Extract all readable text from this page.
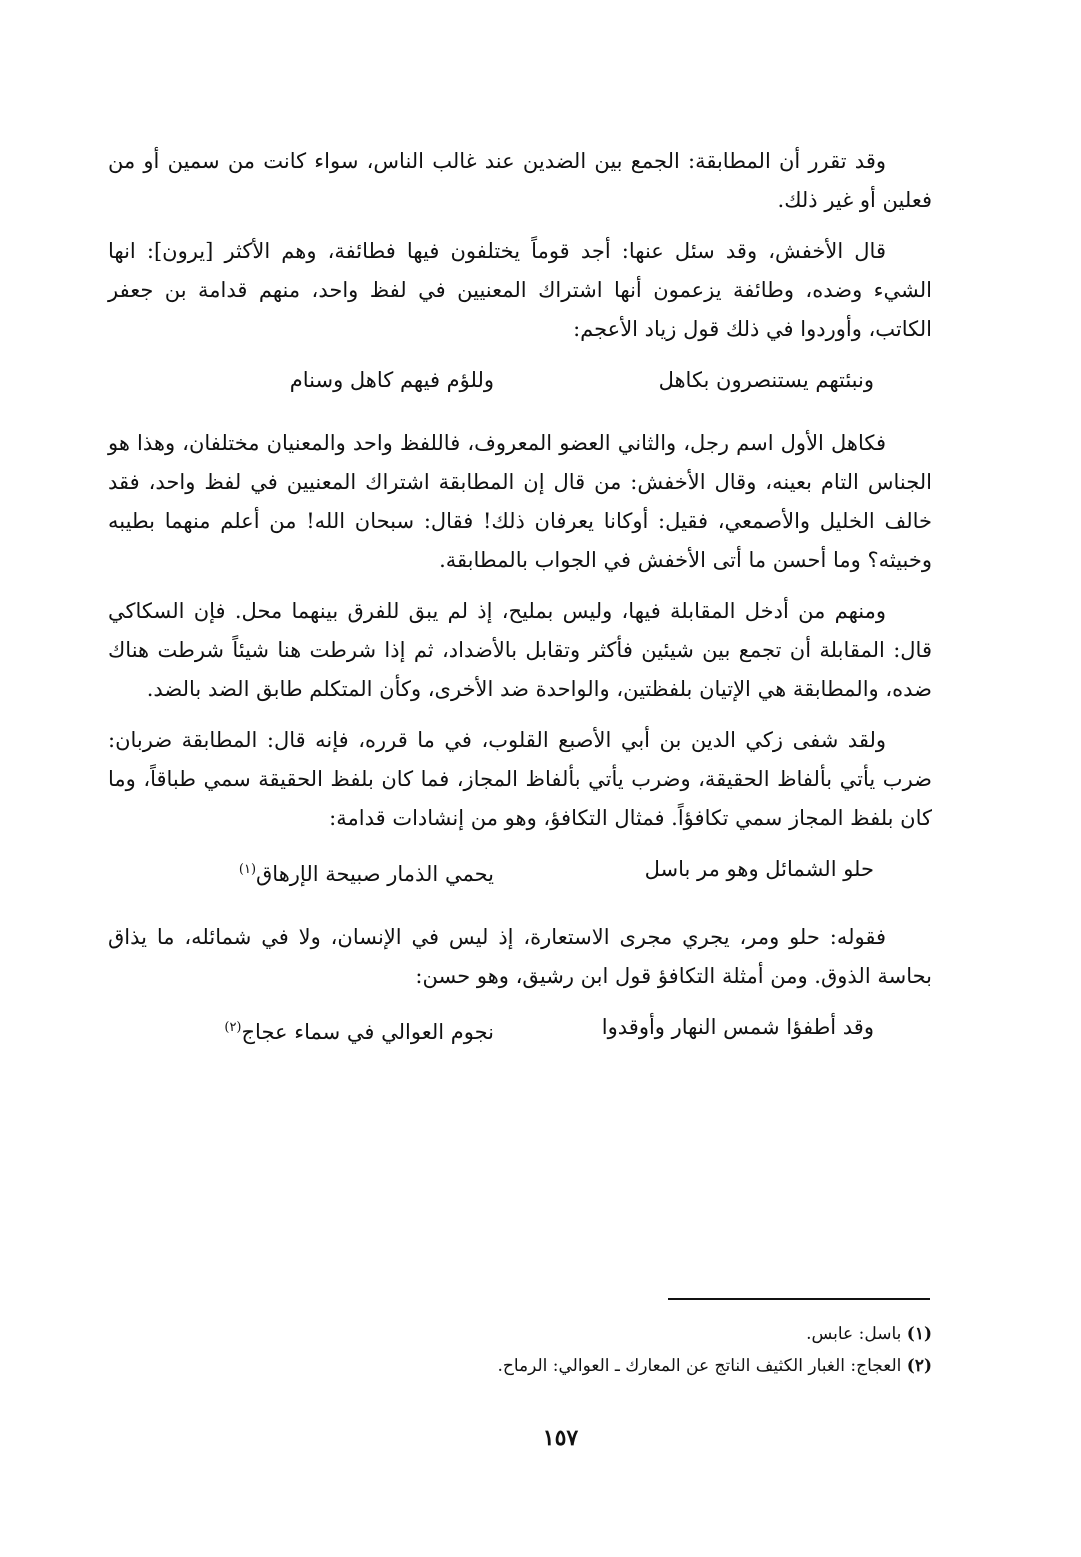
وقد تقرر أن المطابقة: الجمع بين الضدين عند غالب الناس، سواء كانت من سمين أو من فعلين أو غير ذلك.

قال الأخفش، وقد سئل عنها: أجد قوماً يختلفون فيها فطائفة، وهم الأكثر [يرون]: انها الشيء وضده، وطائفة يزعمون أنها اشتراك المعنيين في لفظ واحد، منهم قدامة بن جعفر الكاتب، وأوردوا في ذلك قول زياد الأعجم:

ونبئتهم يستنصرون بكاهل
وللؤم فيهم كاهل وسنام

فكاهل الأول اسم رجل، والثاني العضو المعروف، فاللفظ واحد والمعنيان مختلفان، وهذا هو الجناس التام بعينه، وقال الأخفش: من قال إن المطابقة اشتراك المعنيين في لفظ واحد، فقد خالف الخليل والأصمعي، فقيل: أوكانا يعرفان ذلك! فقال: سبحان الله! من أعلم منهما بطيبه وخبيثه؟ وما أحسن ما أتى الأخفش في الجواب بالمطابقة.

ومنهم من أدخل المقابلة فيها، وليس بمليح، إذ لم يبق للفرق بينهما محل. فإن السكاكي قال: المقابلة أن تجمع بين شيئين فأكثر وتقابل بالأضداد، ثم إذا شرطت هنا شيئاً شرطت هناك ضده، والمطابقة هي الإتيان بلفظتين، والواحدة ضد الأخرى، وكأن المتكلم طابق الضد بالضد.

ولقد شفى زكي الدين بن أبي الأصبع القلوب، في ما قرره، فإنه قال: المطابقة ضربان: ضرب يأتي بألفاظ الحقيقة، وضرب يأتي بألفاظ المجاز، فما كان بلفظ الحقيقة سمي طباقاً، وما كان بلفظ المجاز سمي تكافؤاً. فمثال التكافؤ، وهو من إنشادات قدامة:

حلو الشمائل وهو مر باسل
يحمي الذمار صبيحة الإرهاق$^{(١)}$

فقوله: حلو ومر، يجري مجرى الاستعارة، إذ ليس في الإنسان، ولا في شمائله، ما يذاق بحاسة الذوق. ومن أمثلة التكافؤ قول ابن رشيق، وهو حسن:

وقد أطفؤا شمس النهار وأوقدوا
نجوم العوالي في سماء عجاج$^{(٢)}$

(١) باسل: عابس.

(٢) العجاج: الغبار الكثيف الناتج عن المعارك ـ العوالي: الرماح.

١٥٧
